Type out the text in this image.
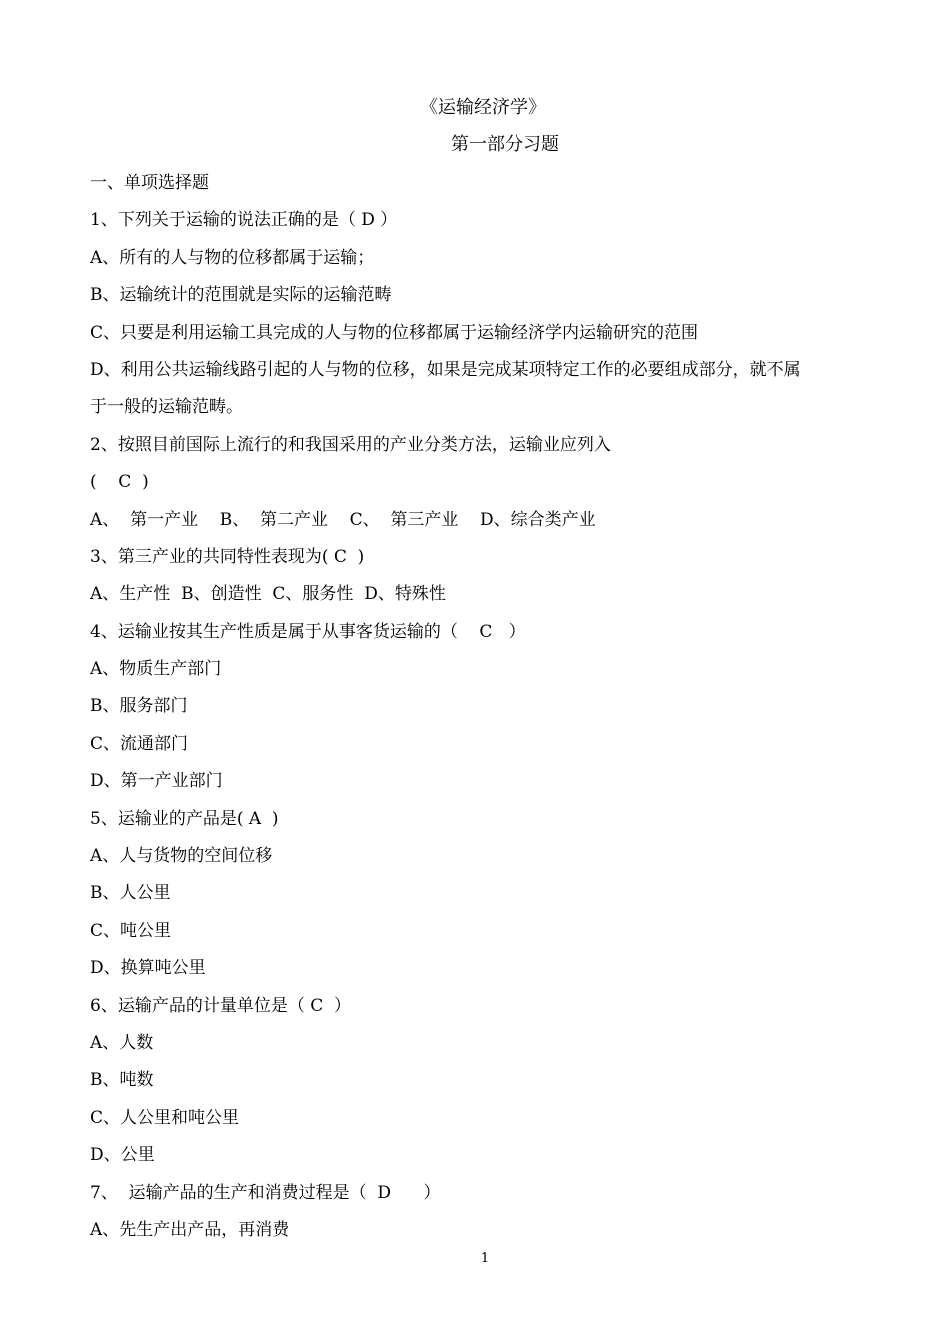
《运输经济学》
第一部分习题
一、单项选择题
1、下列关于运输的说法正确的是（ D ）
A、所有的人与物的位移都属于运输；
B、运输统计的范围就是实际的运输范畴
C、只要是利用运输工具完成的人与物的位移都属于运输经济学内运输研究的范围
D、利用公共运输线路引起的人与物的位移，如果是完成某项特定工作的必要组成部分，就不属
于一般的运输范畴。
2、按照目前国际上流行的和我国采用的产业分类方法，运输业应列入
(    C  )
A、  第一产业    B、  第二产业    C、  第三产业    D、综合类产业
3、第三产业的共同特性表现为( C  )
A、生产性  B、创造性  C、服务性  D、特殊性
4、运输业按其生产性质是属于从事客货运输的（    C   ）
A、物质生产部门
B、服务部门
C、流通部门
D、第一产业部门
5、运输业的产品是( A  )
A、人与货物的空间位移
B、人公里
C、吨公里
D、换算吨公里
6、运输产品的计量单位是（ C  ）
A、人数
B、吨数
C、人公里和吨公里
D、公里
7、  运输产品的生产和消费过程是（  D      ）
A、先生产出产品，再消费
1
